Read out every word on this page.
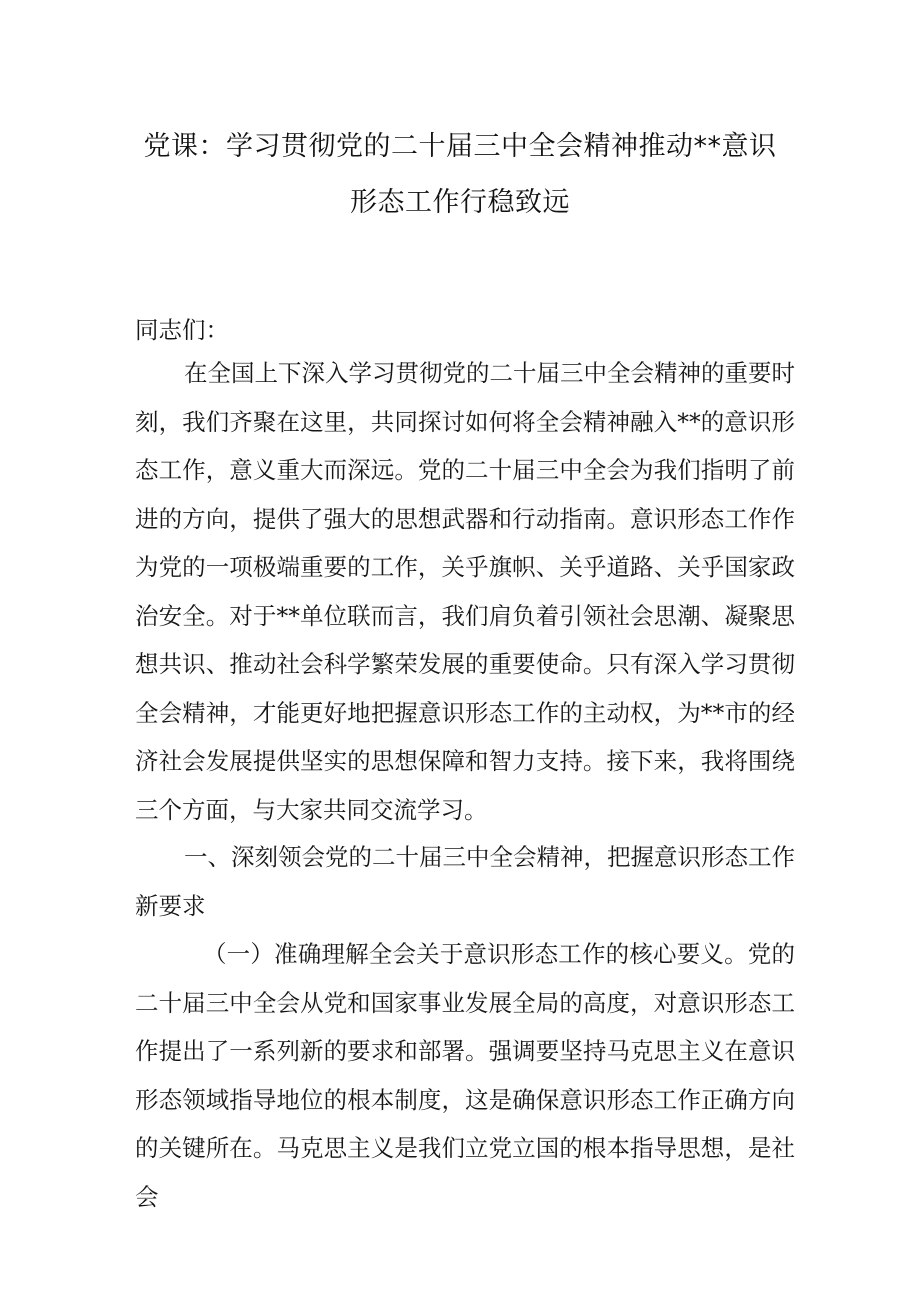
党课：学习贯彻党的二十届三中全会精神推动**意识
形态工作行稳致远

同志们：

在全国上下深入学习贯彻党的二十届三中全会精神的重要时刻，我们齐聚在这里，共同探讨如何将全会精神融入**的意识形态工作，意义重大而深远。党的二十届三中全会为我们指明了前进的方向，提供了强大的思想武器和行动指南。意识形态工作作为党的一项极端重要的工作，关乎旗帜、关乎道路、关乎国家政治安全。对于**单位联而言，我们肩负着引领社会思潮、凝聚思想共识、推动社会科学繁荣发展的重要使命。只有深入学习贯彻全会精神，才能更好地把握意识形态工作的主动权，为**市的经济社会发展提供坚实的思想保障和智力支持。接下来，我将围绕三个方面，与大家共同交流学习。

一、深刻领会党的二十届三中全会精神，把握意识形态工作新要求

（一）准确理解全会关于意识形态工作的核心要义。党的二十届三中全会从党和国家事业发展全局的高度，对意识形态工作提出了一系列新的要求和部署。强调要坚持马克思主义在意识形态领域指导地位的根本制度，这是确保意识形态工作正确方向的关键所在。马克思主义是我们立党立国的根本指导思想，是社会
